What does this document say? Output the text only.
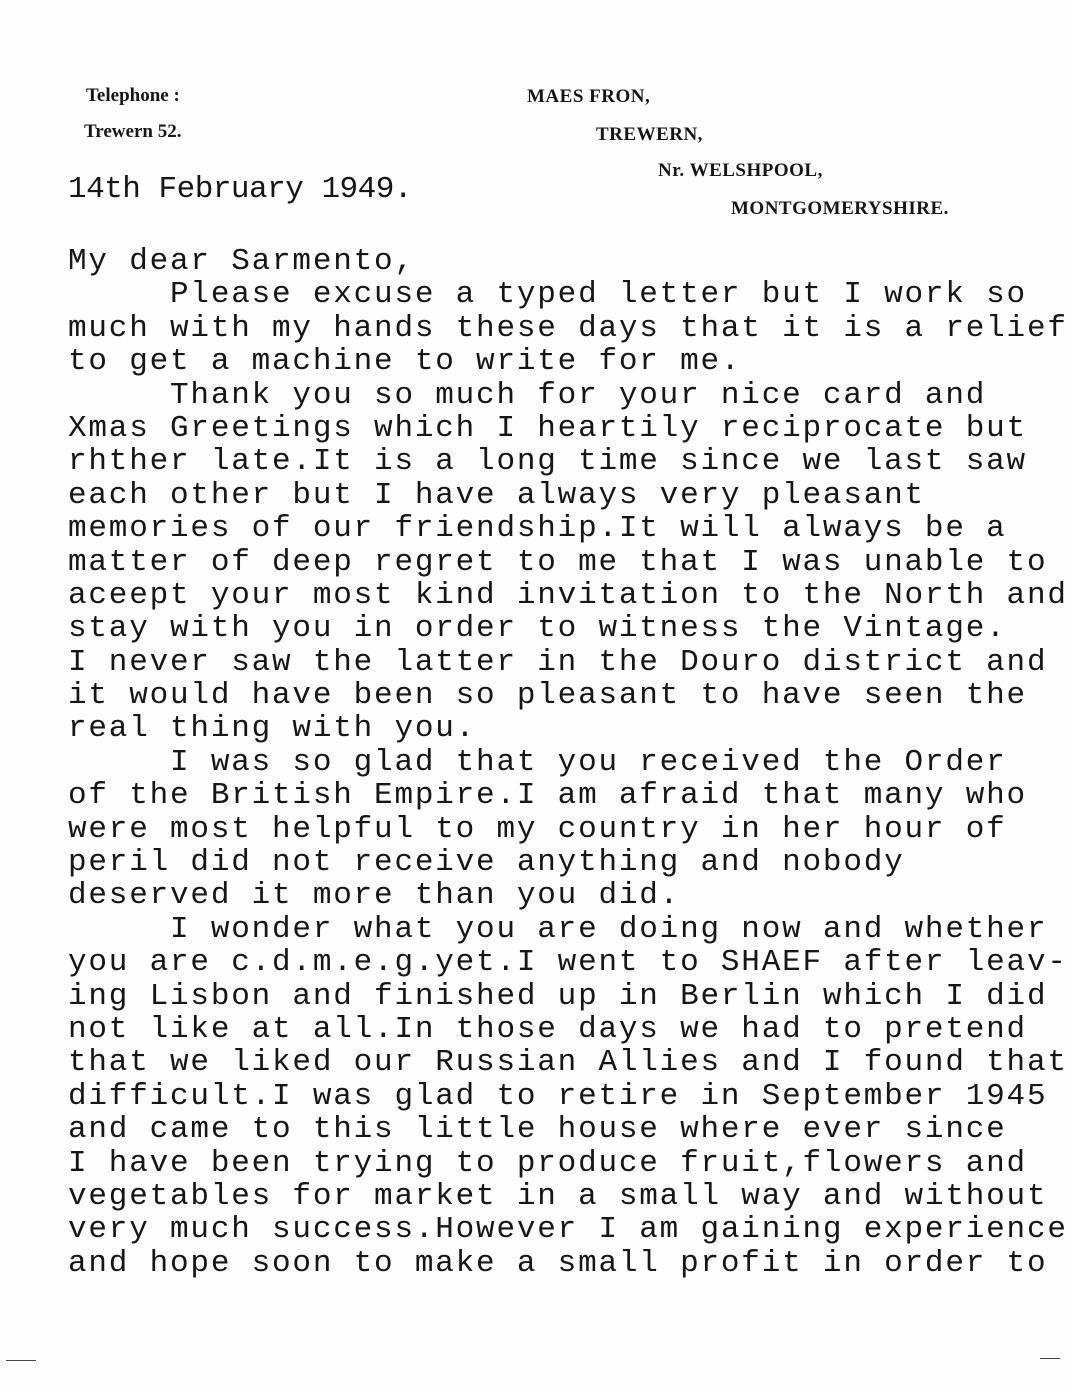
Telephone :
Trewern 52.
MAES FRON,
TREWERN,
Nr. WELSHPOOL,
MONTGOMERYSHIRE.
14th February 1949.
My dear Sarmento,
Please excuse a typed letter but I work so
much with my hands these days that it is a relief
to get a machine to write for me.
Thank you so much for your nice card and
Xmas Greetings which I heartily reciprocate but
rhther late.It is a long time since we last saw
each other but I have always very pleasant
memories of our friendship.It will always be a
matter of deep regret to me that I was unable to
aceept your most kind invitation to the North and
stay with you in order to witness the Vintage.
I never saw the latter in the Douro district and
it would have been so pleasant to have seen the
real thing with you.
I was so glad that you received the Order
of the British Empire.I am afraid that many who
were most helpful to my country in her hour of
peril did not receive anything and nobody
deserved it more than you did.
I wonder what you are doing now and whether
you are c.d.m.e.g.yet.I went to SHAEF after leav-
ing Lisbon and finished up in Berlin which I did
not like at all.In those days we had to pretend
that we liked our Russian Allies and I found that
difficult.I was glad to retire in September 1945
and came to this little house where ever since
I have been trying to produce fruit,flowers and
vegetables for market in a small way and without
very much success.However I am gaining experience
and hope soon to make a small profit in order to
